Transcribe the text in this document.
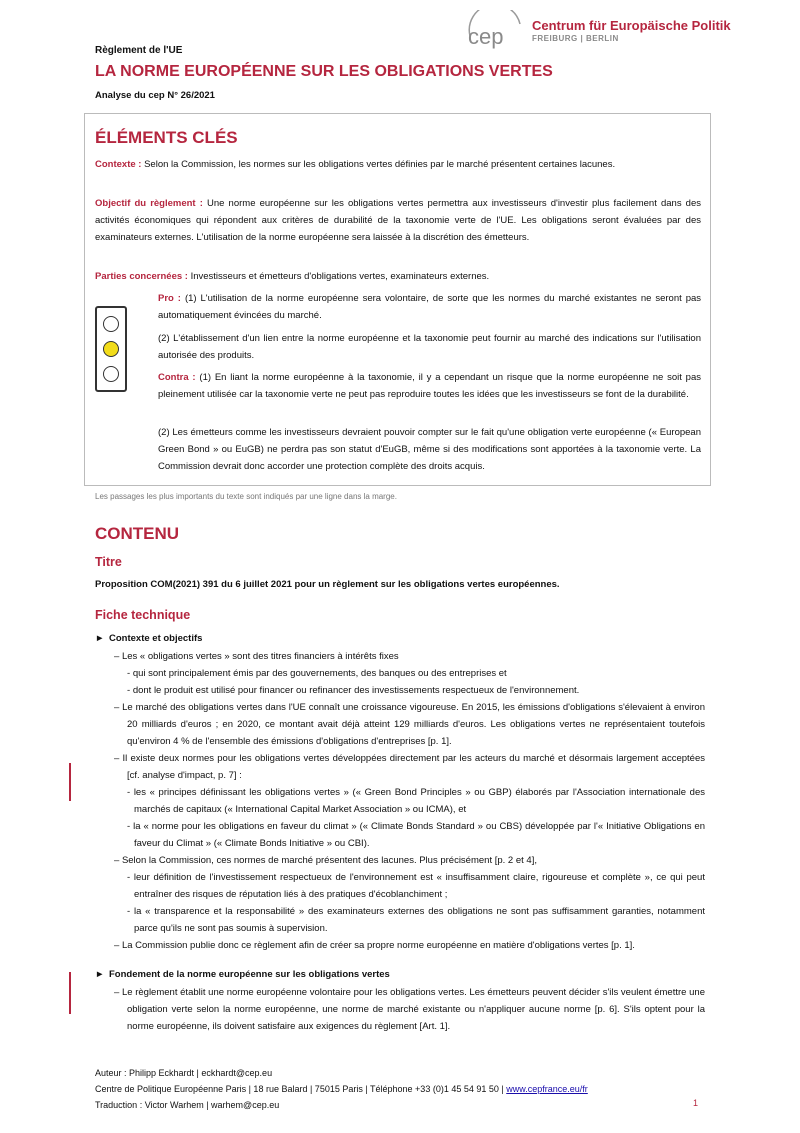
cep Centrum für Europäische Politik
FREIBURG | BERLIN
Règlement de l'UE
LA NORME EUROPÉENNE SUR LES OBLIGATIONS VERTES
Analyse du cep N° 26/2021
ÉLÉMENTS CLÉS
Contexte : Selon la Commission, les normes sur les obligations vertes définies par le marché présentent certaines lacunes.
Objectif du règlement : Une norme européenne sur les obligations vertes permettra aux investisseurs d'investir plus facilement dans des activités économiques qui répondent aux critères de durabilité de la taxonomie verte de l'UE. Les obligations seront évaluées par des examinateurs externes. L'utilisation de la norme européenne sera laissée à la discrétion des émetteurs.
Parties concernées : Investisseurs et émetteurs d'obligations vertes, examinateurs externes.
Pro : (1) L'utilisation de la norme européenne sera volontaire, de sorte que les normes du marché existantes ne seront pas automatiquement évincées du marché.
(2) L'établissement d'un lien entre la norme européenne et la taxonomie peut fournir au marché des indications sur l'utilisation autorisée des produits.
Contra : (1) En liant la norme européenne à la taxonomie, il y a cependant un risque que la norme européenne ne soit pas pleinement utilisée car la taxonomie verte ne peut pas reproduire toutes les idées que les investisseurs se font de la durabilité.
(2) Les émetteurs comme les investisseurs devraient pouvoir compter sur le fait qu'une obligation verte européenne (« European Green Bond » ou EuGB) ne perdra pas son statut d'EuGB, même si des modifications sont apportées à la taxonomie verte. La Commission devrait donc accorder une protection complète des droits acquis.
Les passages les plus importants du texte sont indiqués par une ligne dans la marge.
CONTENU
Titre
Proposition COM(2021) 391 du 6 juillet 2021 pour un règlement sur les obligations vertes européennes.
Fiche technique
► Contexte et objectifs
– Les « obligations vertes » sont des titres financiers à intérêts fixes
- qui sont principalement émis par des gouvernements, des banques ou des entreprises et
- dont le produit est utilisé pour financer ou refinancer des investissements respectueux de l'environnement.
– Le marché des obligations vertes dans l'UE connaît une croissance vigoureuse. En 2015, les émissions d'obligations s'élevaient à environ 20 milliards d'euros ; en 2020, ce montant avait déjà atteint 129 milliards d'euros. Les obligations vertes ne représentaient toutefois qu'environ 4 % de l'ensemble des émissions d'obligations d'entreprises [p. 1].
– Il existe deux normes pour les obligations vertes développées directement par les acteurs du marché et désormais largement acceptées [cf. analyse d'impact, p. 7] :
- les « principes définissant les obligations vertes » (« Green Bond Principles » ou GBP) élaborés par l'Association internationale des marchés de capitaux (« International Capital Market Association » ou ICMA), et
- la « norme pour les obligations en faveur du climat » (« Climate Bonds Standard » ou CBS) développée par l'« Initiative Obligations en faveur du Climat » (« Climate Bonds Initiative » ou CBI).
– Selon la Commission, ces normes de marché présentent des lacunes. Plus précisément [p. 2 et 4],
- leur définition de l'investissement respectueux de l'environnement est « insuffisamment claire, rigoureuse et complète », ce qui peut entraîner des risques de réputation liés à des pratiques d'écoblanchiment ;
- la « transparence et la responsabilité » des examinateurs externes des obligations ne sont pas suffisamment garanties, notamment parce qu'ils ne sont pas soumis à supervision.
– La Commission publie donc ce règlement afin de créer sa propre norme européenne en matière d'obligations vertes [p. 1].
► Fondement de la norme européenne sur les obligations vertes
– Le règlement établit une norme européenne volontaire pour les obligations vertes. Les émetteurs peuvent décider s'ils veulent émettre une obligation verte selon la norme européenne, une norme de marché existante ou n'appliquer aucune norme [p. 6]. S'ils optent pour la norme européenne, ils doivent satisfaire aux exigences du règlement [Art. 1].
Auteur : Philipp Eckhardt | eckhardt@cep.eu
Centre de Politique Européenne Paris | 18 rue Balard | 75015 Paris | Téléphone +33 (0)1 45 54 91 50 | www.cepfrance.eu/fr
Traduction : Victor Warhem | warhem@cep.eu	1
